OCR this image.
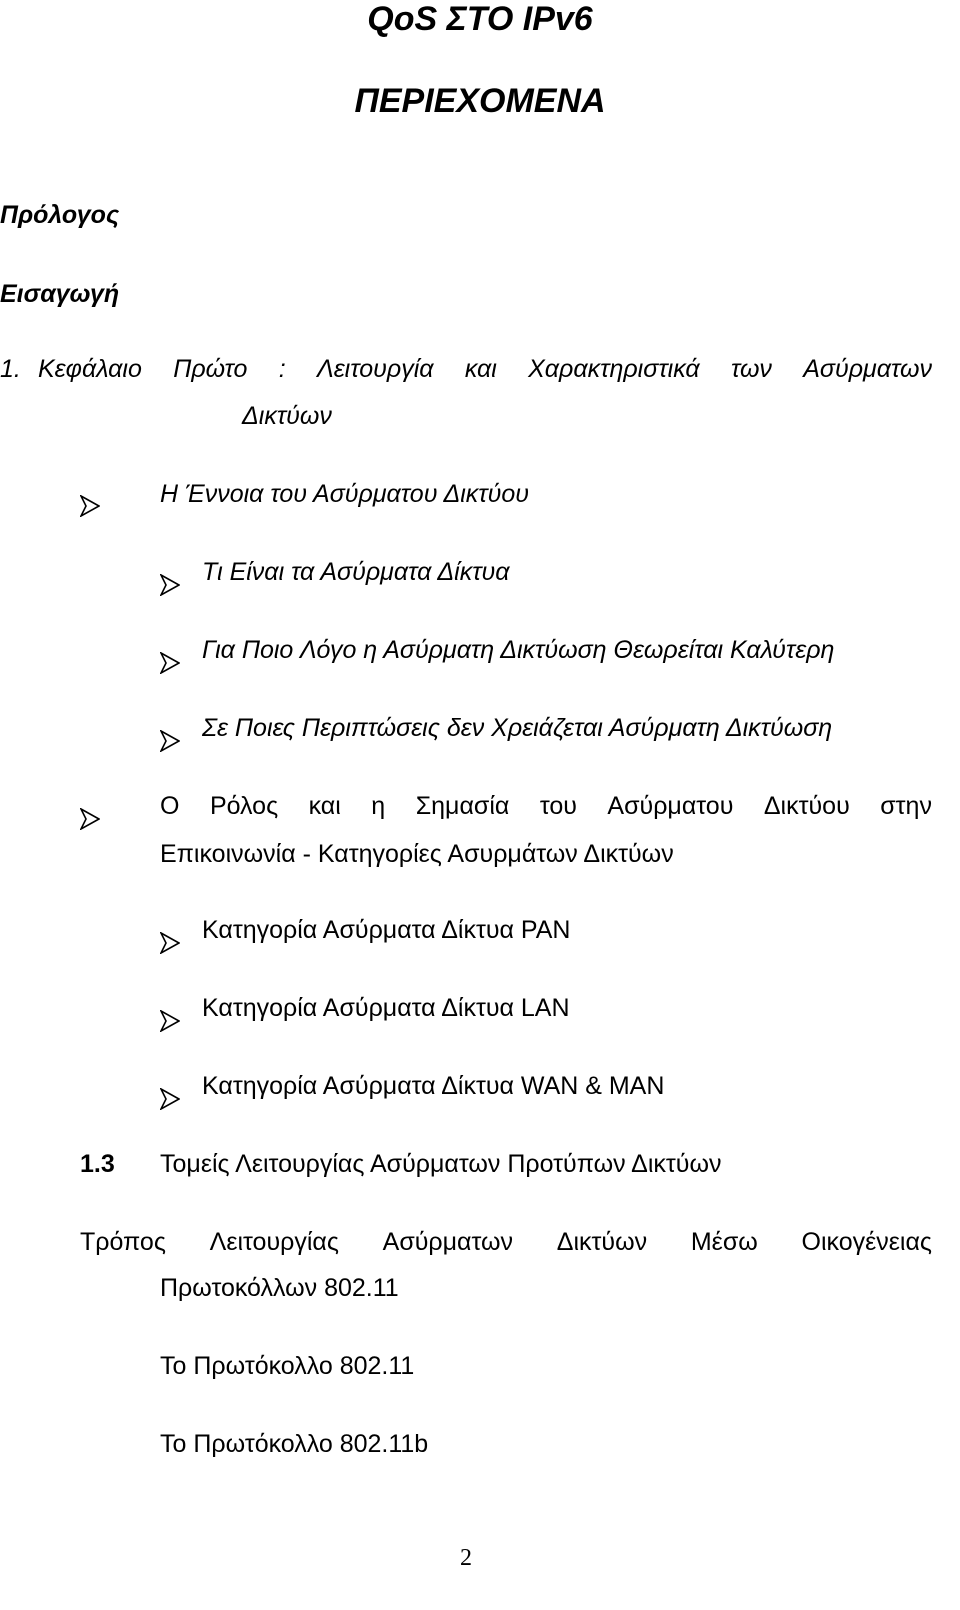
QoS ΣΤΟ IPv6
ΠΕΡΙΕΧΟΜΕΝΑ
Πρόλογος
Εισαγωγή
1. Κεφάλαιο Πρώτο : Λειτουργία και Χαρακτηριστικά των Ασύρματων
Δικτύων
Η Έννοια του Ασύρματου Δικτύου
Τι Είναι τα Ασύρματα Δίκτυα
Για Ποιο Λόγο η Ασύρματη Δικτύωση Θεωρείται Καλύτερη
Σε Ποιες Περιπτώσεις δεν Χρειάζεται Ασύρματη Δικτύωση
Ο Ρόλος και η Σημασία του Ασύρματου Δικτύου στην
Επικοινωνία - Κατηγορίες Ασυρμάτων Δικτύων
Κατηγορία Ασύρματα Δίκτυα PAN
Κατηγορία Ασύρματα Δίκτυα LAN
Κατηγορία Ασύρματα Δίκτυα WAN & MAN
1.3 Τομείς Λειτουργίας Ασύρματων Προτύπων Δικτύων
Τρόπος Λειτουργίας Ασύρματων Δικτύων Μέσω Οικογένειας
Πρωτοκόλλων 802.11
Το Πρωτόκολλο 802.11
Το Πρωτόκολλο 802.11b
2
